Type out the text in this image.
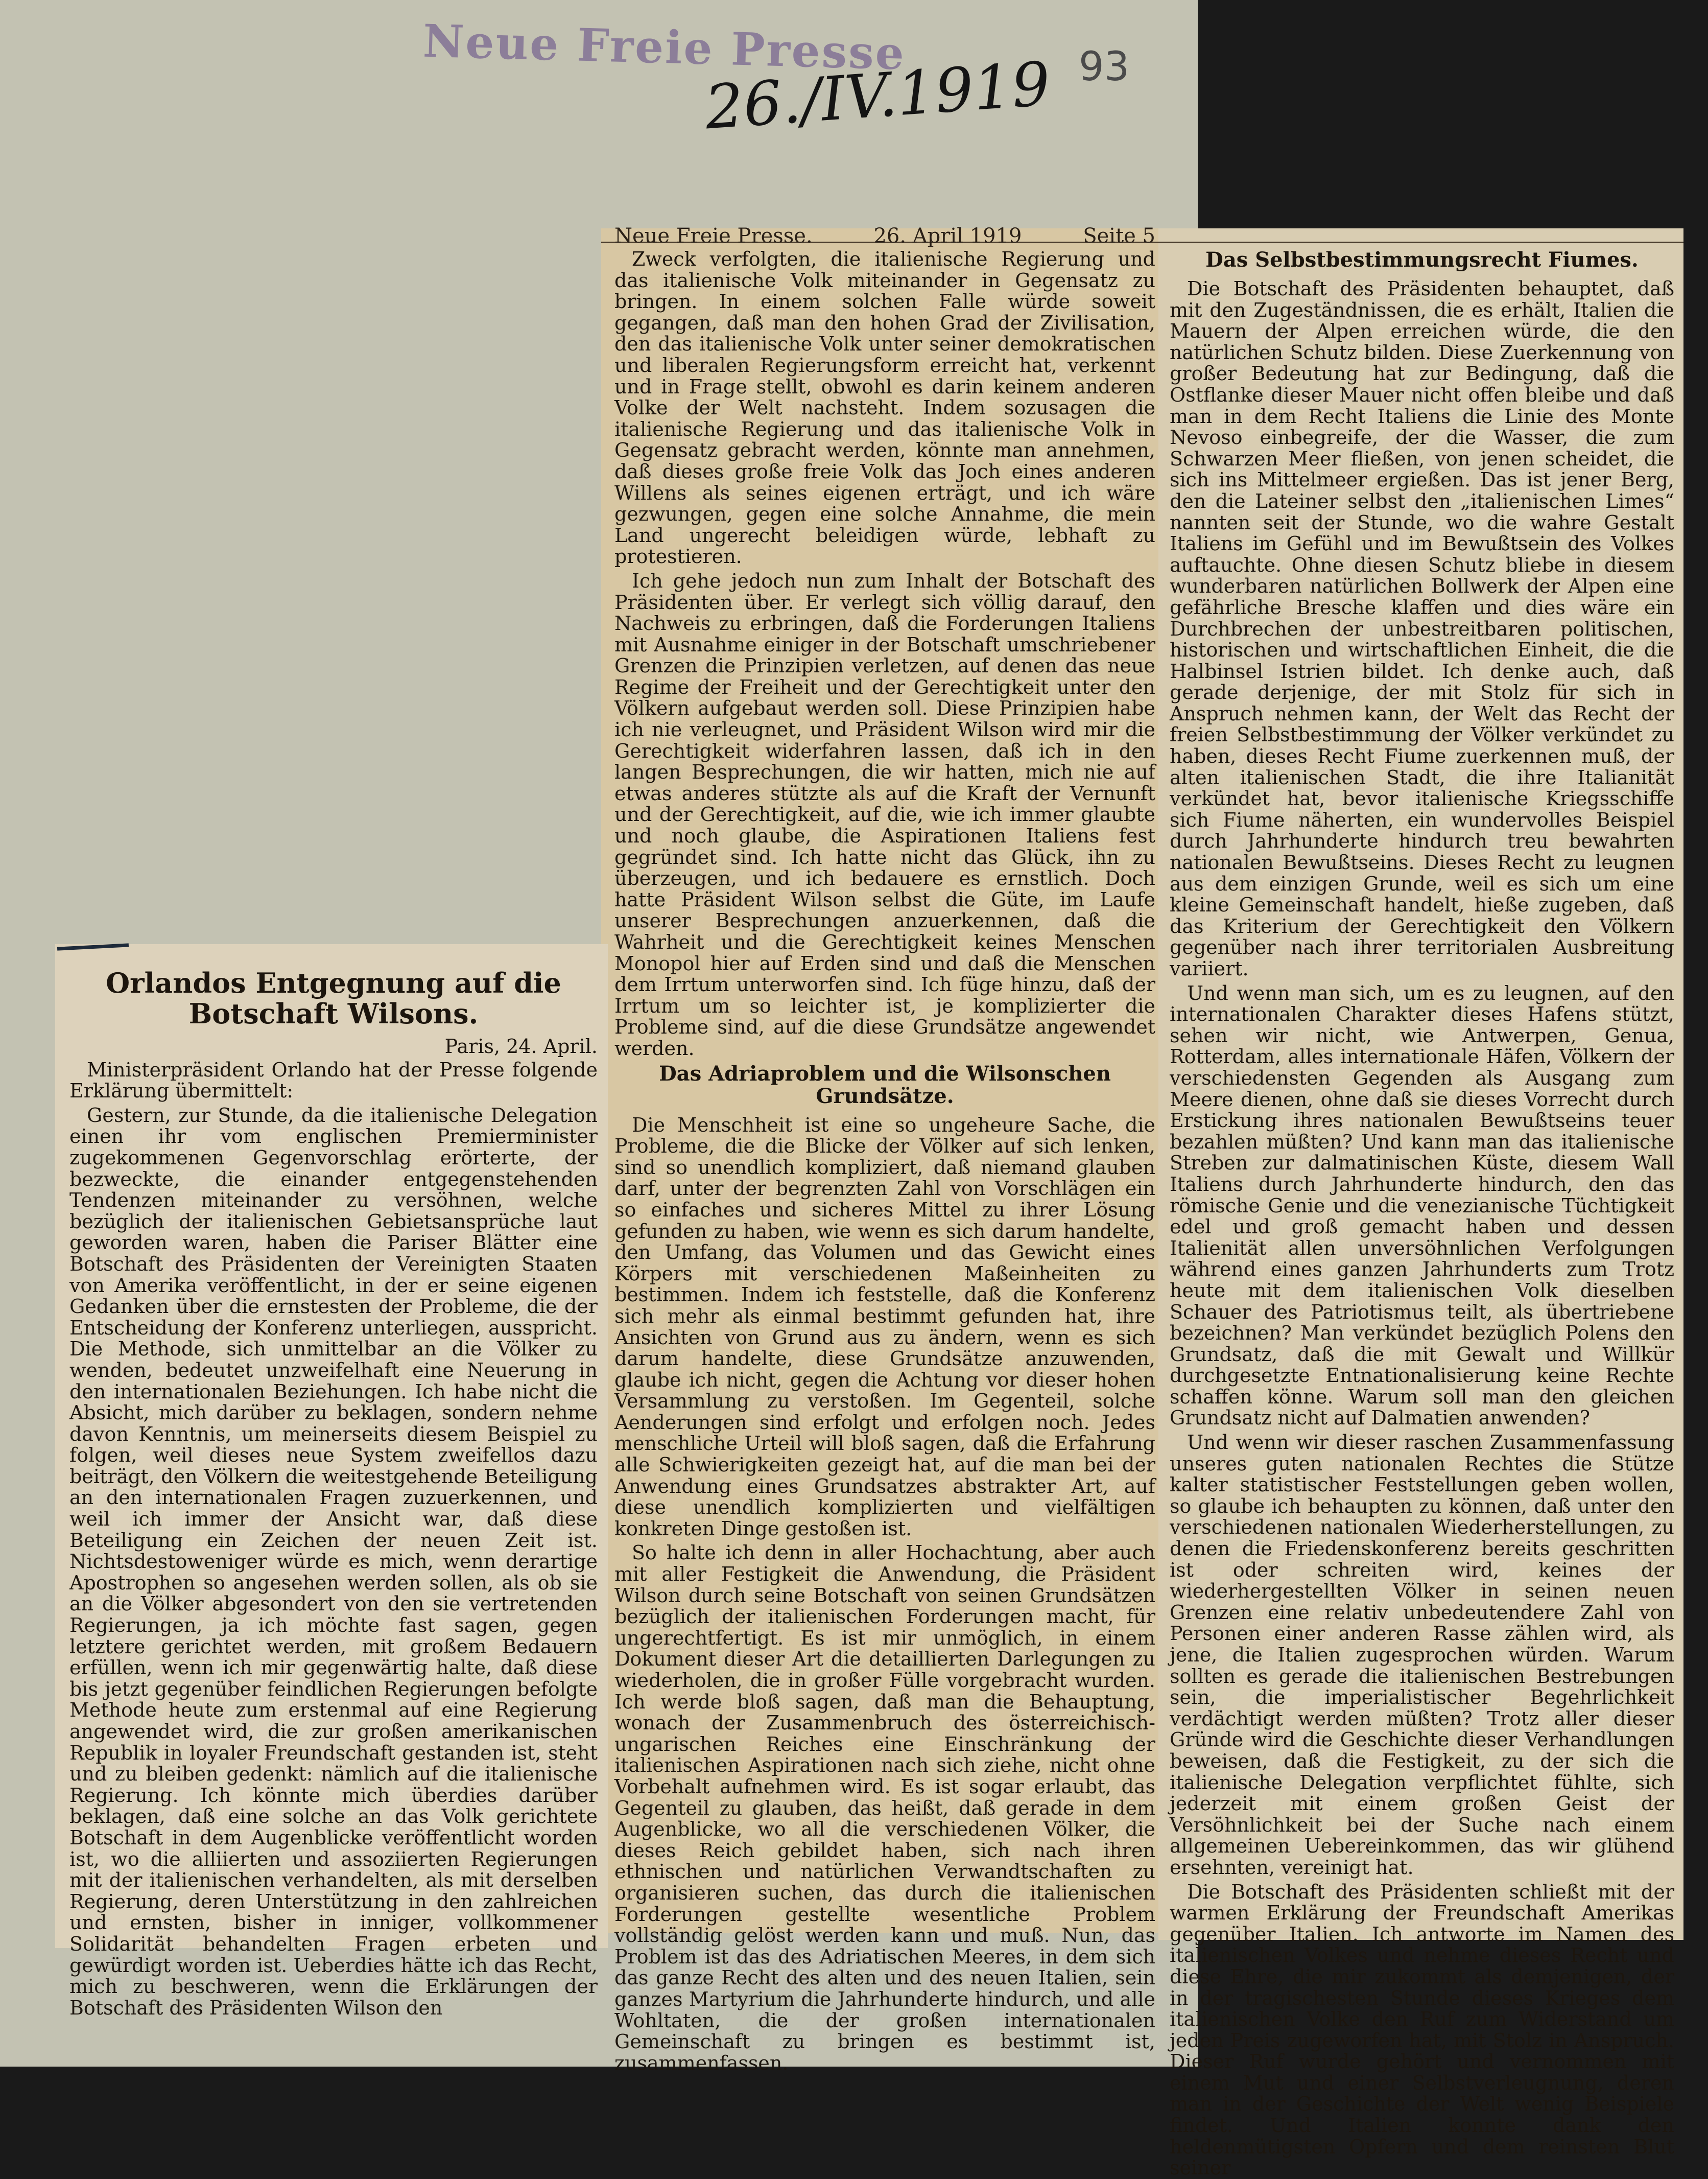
Neue Freie Presse
26./IV.1919 93
Neue Freie Presse.	26. April 1919	Seite 5

Zweck verfolgten, die italienische Regierung und das italienische Volk miteinander in Gegensatz zu bringen. In einem solchen Falle würde soweit gegangen, daß man den hohen Grad der Zivilisation, den das italienische Volk unter seiner demokratischen und liberalen Regierungsform erreicht hat, verkennt und in Frage stellt, obwohl es darin keinem anderen Volke der Welt nachsteht. Indem sozusagen die italienische Regierung und das italienische Volk in Gegensatz gebracht werden, könnte man annehmen, daß dieses große freie Volk das Joch eines anderen Willens als seines eigenen erträgt, und ich wäre gezwungen, gegen eine solche Annahme, die mein Land ungerecht beleidigen würde, lebhaft zu protestieren.

Ich gehe jedoch nun zum Inhalt der Botschaft des Präsidenten über. Er verlegt sich völlig darauf, den Nachweis zu erbringen, daß die Forderungen Italiens mit Ausnahme einiger in der Botschaft umschriebener Grenzen die Prinzipien verletzen, auf denen das neue Regime der Freiheit und der Gerechtigkeit unter den Völkern aufgebaut werden soll. Diese Prinzipien habe ich nie verleugnet, und Präsident Wilson wird mir die Gerechtigkeit widerfahren lassen, daß ich in den langen Besprechungen, die wir hatten, mich nie auf etwas anderes stützte als auf die Kraft der Vernunft und der Gerechtigkeit, auf die, wie ich immer glaubte und noch glaube, die Aspirationen Italiens fest gegründet sind. Ich hatte nicht das Glück, ihn zu überzeugen, und ich bedauere es ernstlich. Doch hatte Präsident Wilson selbst die Güte, im Laufe unserer Besprechungen anzuerkennen, daß die Wahrheit und die Gerechtigkeit keines Menschen Monopol hier auf Erden sind und daß die Menschen dem Irrtum unterworfen sind. Ich füge hinzu, daß der Irrtum um so leichter ist, je komplizierter die Probleme sind, auf die diese Grundsätze angewendet werden.

Das Adriaproblem und die Wilsonschen Grundsätze.

Die Menschheit ist eine so ungeheure Sache, die Probleme, die die Blicke der Völker auf sich lenken, sind so unendlich kompliziert, daß niemand glauben darf, unter der begrenzten Zahl von Vorschlägen ein so einfaches und sicheres Mittel zu ihrer Lösung gefunden zu haben, wie wenn es sich darum handelte, den Umfang, das Volumen und das Gewicht eines Körpers mit verschiedenen Maßeinheiten zu bestimmen. Indem ich feststelle, daß die Konferenz sich mehr als einmal bestimmt gefunden hat, ihre Ansichten von Grund aus zu ändern, wenn es sich darum handelte, diese Grundsätze anzuwenden, glaube ich nicht, gegen die Achtung vor dieser hohen Versammlung zu verstoßen. Im Gegenteil, solche Aenderungen sind erfolgt und erfolgen noch. Jedes menschliche Urteil will bloß sagen, daß die Erfahrung alle Schwierigkeiten gezeigt hat, auf die man bei der Anwendung eines Grundsatzes abstrakter Art, auf diese unendlich komplizierten und vielfältigen konkreten Dinge gestoßen ist.

So halte ich denn in aller Hochachtung, aber auch mit aller Festigkeit die Anwendung, die Präsident Wilson durch seine Botschaft von seinen Grundsätzen bezüglich der italienischen Forderungen macht, für ungerechtfertigt. Es ist mir unmöglich, in einem Dokument dieser Art die detaillierten Darlegungen zu wiederholen, die in großer Fülle vorgebracht wurden. Ich werde bloß sagen, daß man die Behauptung, wonach der Zusammenbruch des österreichisch-ungarischen Reiches eine Einschränkung der italienischen Aspirationen nach sich ziehe, nicht ohne Vorbehalt aufnehmen wird. Es ist sogar erlaubt, das Gegenteil zu glauben, das heißt, daß gerade in dem Augenblicke, wo all die verschiedenen Völker, die dieses Reich gebildet haben, sich nach ihren ethnischen und natürlichen Verwandtschaften zu organisieren suchen, das durch die italienischen Forderungen gestellte wesentliche Problem vollständig gelöst werden kann und muß. Nun, das Problem ist das des Adriatischen Meeres, in dem sich das ganze Recht des alten und des neuen Italien, sein ganzes Martyrium die Jahrhunderte hindurch, und alle Wohltaten, die der großen internationalen Gemeinschaft zu bringen es bestimmt ist, zusammenfassen.

Das Selbstbestimmungsrecht Fiumes.

Die Botschaft des Präsidenten behauptet, daß mit den Zugeständnissen, die es erhält, Italien die Mauern der Alpen erreichen würde, die den natürlichen Schutz bilden. Diese Zuerkennung von großer Bedeutung hat zur Bedingung, daß die Ostflanke dieser Mauer nicht offen bleibe und daß man in dem Recht Italiens die Linie des Monte Nevoso einbegreife, der die Wasser, die zum Schwarzen Meer fließen, von jenen scheidet, die sich ins Mittelmeer ergießen. Das ist jener Berg, den die Lateiner selbst den „italienischen Limes“ nannten seit der Stunde, wo die wahre Gestalt Italiens im Gefühl und im Bewußtsein des Volkes auftauchte. Ohne diesen Schutz bliebe in diesem wunderbaren natürlichen Bollwerk der Alpen eine gefährliche Bresche klaffen und dies wäre ein Durchbrechen der unbestreitbaren politischen, historischen und wirtschaftlichen Einheit, die die Halbinsel Istrien bildet. Ich denke auch, daß gerade derjenige, der mit Stolz für sich in Anspruch nehmen kann, der Welt das Recht der freien Selbstbestimmung der Völker verkündet zu haben, dieses Recht Fiume zuerkennen muß, der alten italienischen Stadt, die ihre Italianität verkündet hat, bevor italienische Kriegsschiffe sich Fiume näherten, ein wundervolles Beispiel durch Jahrhunderte hindurch treu bewahrten nationalen Bewußtseins. Dieses Recht zu leugnen aus dem einzigen Grunde, weil es sich um eine kleine Gemeinschaft handelt, hieße zugeben, daß das Kriterium der Gerechtigkeit den Völkern gegenüber nach ihrer territorialen Ausbreitung variiert.

Und wenn man sich, um es zu leugnen, auf den internationalen Charakter dieses Hafens stützt, sehen wir nicht, wie Antwerpen, Genua, Rotterdam, alles internationale Häfen, Völkern der verschiedensten Gegenden als Ausgang zum Meere dienen, ohne daß sie dieses Vorrecht durch Erstickung ihres nationalen Bewußtseins teuer bezahlen müßten? Und kann man das italienische Streben zur dalmatinischen Küste, diesem Wall Italiens durch Jahrhunderte hindurch, den das römische Genie und die venezianische Tüchtigkeit edel und groß gemacht haben und dessen Italienität allen unversöhnlichen Verfolgungen während eines ganzen Jahrhunderts zum Trotz heute mit dem italienischen Volk dieselben Schauer des Patriotismus teilt, als übertriebene bezeichnen? Man verkündet bezüglich Polens den Grundsatz, daß die mit Gewalt und Willkür durchgesetzte Entnationalisierung keine Rechte schaffen könne. Warum soll man den gleichen Grundsatz nicht auf Dalmatien anwenden?

Und wenn wir dieser raschen Zusammenfassung unseres guten nationalen Rechtes die Stütze kalter statistischer Feststellungen geben wollen, so glaube ich behaupten zu können, daß unter den verschiedenen nationalen Wiederherstellungen, zu denen die Friedenskonferenz bereits geschritten ist oder schreiten wird, keines der wiederhergestellten Völker in seinen neuen Grenzen eine relativ unbedeutendere Zahl von Personen einer anderen Rasse zählen wird, als jene, die Italien zugesprochen würden. Warum sollten es gerade die italienischen Bestrebungen sein, die imperialistischer Begehrlichkeit verdächtigt werden müßten? Trotz aller dieser Gründe wird die Geschichte dieser Verhandlungen beweisen, daß die Festigkeit, zu der sich die italienische Delegation verpflichtet fühlte, sich jederzeit mit einem großen Geist der Versöhnlichkeit bei der Suche nach einem allgemeinen Uebereinkommen, das wir glühend ersehnten, vereinigt hat.

Die Botschaft des Präsidenten schließt mit der warmen Erklärung der Freundschaft Amerikas gegenüber Italien. Ich antworte im Namen des italienischen Volkes und nehme dieses Recht und diese Ehre, die mir zukommt als demjenigen, der in der tragischesten Stunde dieses Krieges dem italienischen Volke den Ruf zum Widerstand um jeden Preis zugeworfen hat, mit Stolz in Anspruch. Dieser Ruf wurde gehört und vernommen mit einem Mut und einer Selbstverleugnung, deren man in der Geschichte der Welt wenig Beispiele findet. Und Italien konnte dank den heldenmütigsten Opfern und dem reinsten Blut seiner

Orlandos Entgegnung auf die Botschaft Wilsons.
Paris, 24. April.

Ministerpräsident Orlando hat der Presse folgende Erklärung übermittelt:

Gestern, zur Stunde, da die italienische Delegation einen ihr vom englischen Premierminister zugekommenen Gegenvorschlag erörterte, der bezweckte, die einander entgegenstehenden Tendenzen miteinander zu versöhnen, welche bezüglich der italienischen Gebietsansprüche laut geworden waren, haben die Pariser Blätter eine Botschaft des Präsidenten der Vereinigten Staaten von Amerika veröffentlicht, in der er seine eigenen Gedanken über die ernstesten der Probleme, die der Entscheidung der Konferenz unterliegen, ausspricht. Die Methode, sich unmittelbar an die Völker zu wenden, bedeutet unzweifelhaft eine Neuerung in den internationalen Beziehungen. Ich habe nicht die Absicht, mich darüber zu beklagen, sondern nehme davon Kenntnis, um meinerseits diesem Beispiel zu folgen, weil dieses neue System zweifellos dazu beiträgt, den Völkern die weitestgehende Beteiligung an den internationalen Fragen zuzuerkennen, und weil ich immer der Ansicht war, daß diese Beteiligung ein Zeichen der neuen Zeit ist. Nichtsdestoweniger würde es mich, wenn derartige Apostrophen so angesehen werden sollen, als ob sie an die Völker abgesondert von den sie vertretenden Regierungen, ja ich möchte fast sagen, gegen letztere gerichtet werden, mit großem Bedauern erfüllen, wenn ich mir gegenwärtig halte, daß diese bis jetzt gegenüber feindlichen Regierungen befolgte Methode heute zum erstenmal auf eine Regierung angewendet wird, die zur großen amerikanischen Republik in loyaler Freundschaft gestanden ist, steht und zu bleiben gedenkt: nämlich auf die italienische Regierung. Ich könnte mich überdies darüber beklagen, daß eine solche an das Volk gerichtete Botschaft in dem Augenblicke veröffentlicht worden ist, wo die alliierten und assoziierten Regierungen mit der italienischen verhandelten, als mit derselben Regierung, deren Unterstützung in den zahlreichen und ernsten, bisher in inniger, vollkommener Solidarität behandelten Fragen erbeten und gewürdigt worden ist. Ueberdies hätte ich das Recht, mich zu beschweren, wenn die Erklärungen der Botschaft des Präsidenten Wilson den
